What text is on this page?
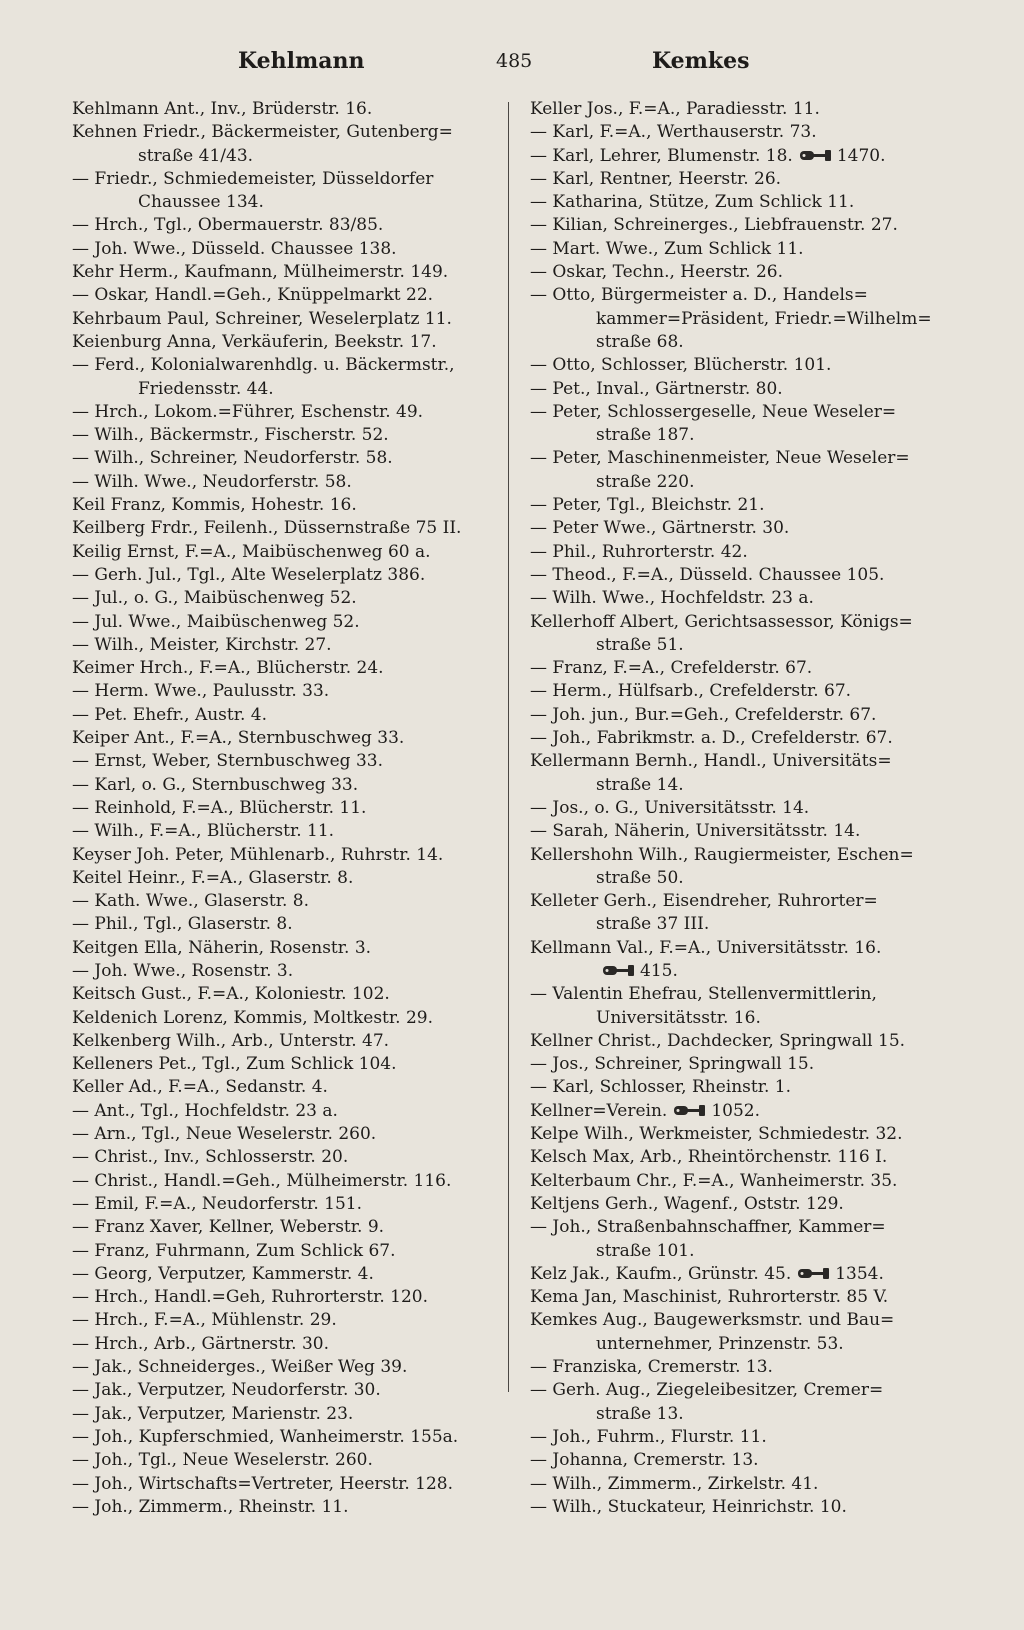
Kehlmann	485	Kemkes
Kehlmann Ant., Inv., Brüderstr. 16.
Kehnen Friedr., Bäckermeister, Gutenberg=
straße 41/43.
— Friedr., Schmiedemeister, Düsseldorfer
Chaussee 134.
— Hrch., Tgl., Obermauerstr. 83/85.
— Joh. Wwe., Düsseld. Chaussee 138.
Kehr Herm., Kaufmann, Mülheimerstr. 149.
— Oskar, Handl.=Geh., Knüppelmarkt 22.
Kehrbaum Paul, Schreiner, Weselerplatz 11.
Keienburg Anna, Verkäuferin, Beekstr. 17.
— Ferd., Kolonialwarenhdlg. u. Bäckermstr.,
Friedensstr. 44.
— Hrch., Lokom.=Führer, Eschenstr. 49.
— Wilh., Bäckermstr., Fischerstr. 52.
— Wilh., Schreiner, Neudorferstr. 58.
— Wilh. Wwe., Neudorferstr. 58.
Keil Franz, Kommis, Hohestr. 16.
Keilberg Frdr., Feilenh., Düssernstraße 75 II.
Keilig Ernst, F.=A., Maibüschenweg 60 a.
— Gerh. Jul., Tgl., Alte Weselerplatz 386.
— Jul., o. G., Maibüschenweg 52.
— Jul. Wwe., Maibüschenweg 52.
— Wilh., Meister, Kirchstr. 27.
Keimer Hrch., F.=A., Blücherstr. 24.
— Herm. Wwe., Paulusstr. 33.
— Pet. Ehefr., Austr. 4.
Keiper Ant., F.=A., Sternbuschweg 33.
— Ernst, Weber, Sternbuschweg 33.
— Karl, o. G., Sternbuschweg 33.
— Reinhold, F.=A., Blücherstr. 11.
— Wilh., F.=A., Blücherstr. 11.
Keyser Joh. Peter, Mühlenarb., Ruhrstr. 14.
Keitel Heinr., F.=A., Glaserstr. 8.
— Kath. Wwe., Glaserstr. 8.
— Phil., Tgl., Glaserstr. 8.
Keitgen Ella, Näherin, Rosenstr. 3.
— Joh. Wwe., Rosenstr. 3.
Keitsch Gust., F.=A., Koloniestr. 102.
Keldenich Lorenz, Kommis, Moltkestr. 29.
Kelkenberg Wilh., Arb., Unterstr. 47.
Kelleners Pet., Tgl., Zum Schlick 104.
Keller Ad., F.=A., Sedanstr. 4.
— Ant., Tgl., Hochfeldstr. 23 a.
— Arn., Tgl., Neue Weselerstr. 260.
— Christ., Inv., Schlosserstr. 20.
— Christ., Handl.=Geh., Mülheimerstr. 116.
— Emil, F.=A., Neudorferstr. 151.
— Franz Xaver, Kellner, Weberstr. 9.
— Franz, Fuhrmann, Zum Schlick 67.
— Georg, Verputzer, Kammerstr. 4.
— Hrch., Handl.=Geh, Ruhrorterstr. 120.
— Hrch., F.=A., Mühlenstr. 29.
— Hrch., Arb., Gärtnerstr. 30.
— Jak., Schneiderges., Weißer Weg 39.
— Jak., Verputzer, Neudorferstr. 30.
— Jak., Verputzer, Marienstr. 23.
— Joh., Kupferschmied, Wanheimerstr. 155a.
— Joh., Tgl., Neue Weselerstr. 260.
— Joh., Wirtschafts=Vertreter, Heerstr. 128.
— Joh., Zimmerm., Rheinstr. 11.
Keller Jos., F.=A., Paradiesstr. 11.
— Karl, F.=A., Werthauserstr. 73.
— Karl, Lehrer, Blumenstr. 18.	1470.
— Karl, Rentner, Heerstr. 26.
— Katharina, Stütze, Zum Schlick 11.
— Kilian, Schreinerges., Liebfrauenstr. 27.
— Mart. Wwe., Zum Schlick 11.
— Oskar, Techn., Heerstr. 26.
— Otto, Bürgermeister a. D., Handels=
kammer=Präsident, Friedr.=Wilhelm=
straße 68.
— Otto, Schlosser, Blücherstr. 101.
— Pet., Inval., Gärtnerstr. 80.
— Peter, Schlossergeselle, Neue Weseler=
straße 187.
— Peter, Maschinenmeister, Neue Weseler=
straße 220.
— Peter, Tgl., Bleichstr. 21.
— Peter Wwe., Gärtnerstr. 30.
— Phil., Ruhrorterstr. 42.
— Theod., F.=A., Düsseld. Chaussee 105.
— Wilh. Wwe., Hochfeldstr. 23 a.
Kellerhoff Albert, Gerichtsassessor, Königs=
straße 51.
— Franz, F.=A., Crefelderstr. 67.
— Herm., Hülfsarb., Crefelderstr. 67.
— Joh. jun., Bur.=Geh., Crefelderstr. 67.
— Joh., Fabrikmstr. a. D., Crefelderstr. 67.
Kellermann Bernh., Handl., Universitäts=
straße 14.
— Jos., o. G., Universitätsstr. 14.
— Sarah, Näherin, Universitätsstr. 14.
Kellershohn Wilh., Raugiermeister, Eschen=
straße 50.
Kelleter Gerh., Eisendreher, Ruhrorter=
straße 37 III.
Kellmann Val., F.=A., Universitätsstr. 16.
415.
— Valentin Ehefrau, Stellenvermittlerin,
Universitätsstr. 16.
Kellner Christ., Dachdecker, Springwall 15.
— Jos., Schreiner, Springwall 15.
— Karl, Schlosser, Rheinstr. 1.
Kellner=Verein.	1052.
Kelpe Wilh., Werkmeister, Schmiedestr. 32.
Kelsch Max, Arb., Rheintörchenstr. 116 I.
Kelterbaum Chr., F.=A., Wanheimerstr. 35.
Keltjens Gerh., Wagenf., Oststr. 129.
— Joh., Straßenbahnschaffner, Kammer=
straße 101.
Kelz Jak., Kaufm., Grünstr. 45.	1354.
Kema Jan, Maschinist, Ruhrorterstr. 85 V.
Kemkes Aug., Baugewerksmstr. und Bau=
unternehmer, Prinzenstr. 53.
— Franziska, Cremerstr. 13.
— Gerh. Aug., Ziegeleibesitzer, Cremer=
straße 13.
— Joh., Fuhrm., Flurstr. 11.
— Johanna, Cremerstr. 13.
— Wilh., Zimmerm., Zirkelstr. 41.
— Wilh., Stuckateur, Heinrichstr. 10.
